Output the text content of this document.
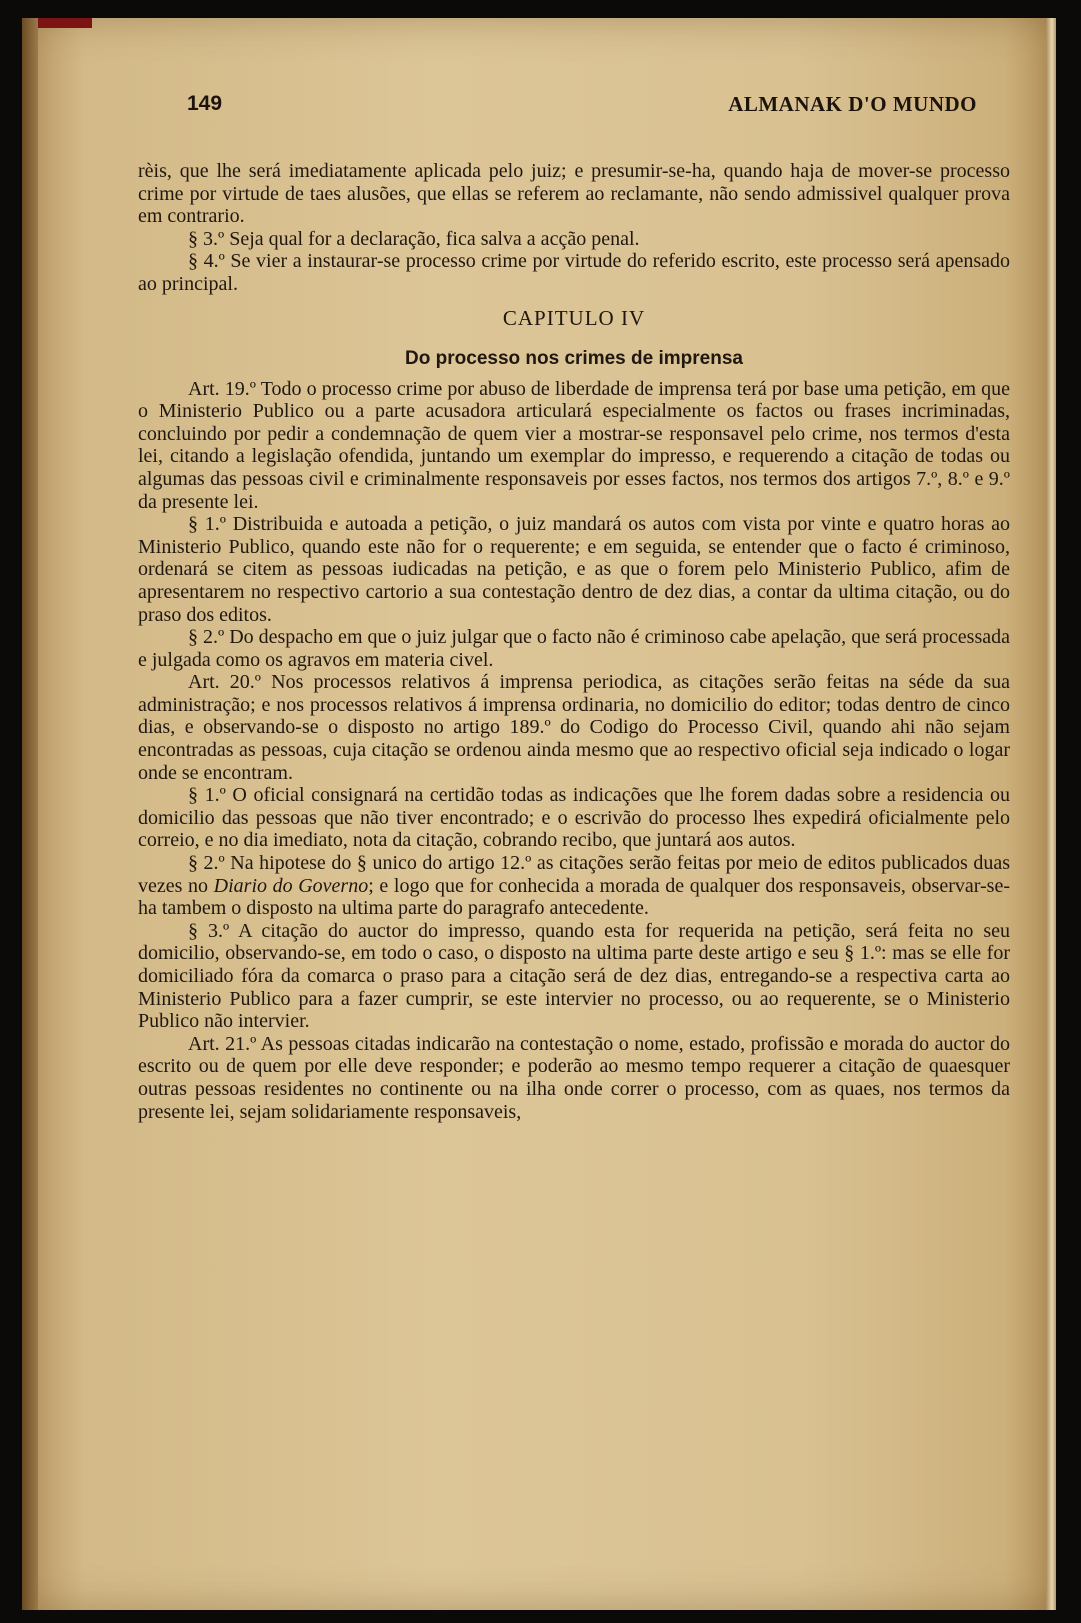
149	ALMANAK D'O MUNDO

rèis, que lhe será imediatamente aplicada pelo juiz; e presumir-se-ha, quando haja de mover-se processo crime por virtude de taes alusões, que ellas se referem ao reclamante, não sendo admissivel qualquer prova em contrario.

§ 3.º Seja qual for a declaração, fica salva a acção penal.

§ 4.º Se vier a instaurar-se processo crime por virtude do referido escrito, este processo será apensado ao principal.

CAPITULO IV

Do processo nos crimes de imprensa

Art. 19.º Todo o processo crime por abuso de liberdade de imprensa terá por base uma petição, em que o Ministerio Publico ou a parte acusadora articulará especialmente os factos ou frases incriminadas, concluindo por pedir a condemnação de quem vier a mostrar-se responsavel pelo crime, nos termos d'esta lei, citando a legislação ofendida, juntando um exemplar do impresso, e requerendo a citação de todas ou algumas das pessoas civil e criminalmente responsaveis por esses factos, nos termos dos artigos 7.º, 8.º e 9.º da presente lei.

§ 1.º Distribuida e autoada a petição, o juiz mandará os autos com vista por vinte e quatro horas ao Ministerio Publico, quando este não for o requerente; e em seguida, se entender que o facto é criminoso, ordenará se citem as pessoas iudicadas na petição, e as que o forem pelo Ministerio Publico, afim de apresentarem no respectivo cartorio a sua contestação dentro de dez dias, a contar da ultima citação, ou do praso dos editos.

§ 2.º Do despacho em que o juiz julgar que o facto não é criminoso cabe apelação, que será processada e julgada como os agravos em materia civel.

Art. 20.º Nos processos relativos á imprensa periodica, as citações serão feitas na séde da sua administração; e nos processos relativos á imprensa ordinaria, no domicilio do editor; todas dentro de cinco dias, e observando-se o disposto no artigo 189.º do Codigo do Processo Civil, quando ahi não sejam encontradas as pessoas, cuja citação se ordenou ainda mesmo que ao respectivo oficial seja indicado o logar onde se encontram.

§ 1.º O oficial consignará na certidão todas as indicações que lhe forem dadas sobre a residencia ou domicilio das pessoas que não tiver encontrado; e o escrivão do processo lhes expedirá oficialmente pelo correio, e no dia imediato, nota da citação, cobrando recibo, que juntará aos autos.

§ 2.º Na hipotese do § unico do artigo 12.º as citações serão feitas por meio de editos publicados duas vezes no Diario do Governo; e logo que for conhecida a morada de qualquer dos responsaveis, observar-se-ha tambem o disposto na ultima parte do paragrafo antecedente.

§ 3.º A citação do auctor do impresso, quando esta for requerida na petição, será feita no seu domicilio, observando-se, em todo o caso, o disposto na ultima parte deste artigo e seu § 1.º: mas se elle for domiciliado fóra da comarca o praso para a citação será de dez dias, entregando-se a respectiva carta ao Ministerio Publico para a fazer cumprir, se este intervier no processo, ou ao requerente, se o Ministerio Publico não intervier.

Art. 21.º As pessoas citadas indicarão na contestação o nome, estado, profissão e morada do auctor do escrito ou de quem por elle deve responder; e poderão ao mesmo tempo requerer a citação de quaesquer outras pessoas residentes no continente ou na ilha onde correr o processo, com as quaes, nos termos da presente lei, sejam solidariamente responsaveis,
